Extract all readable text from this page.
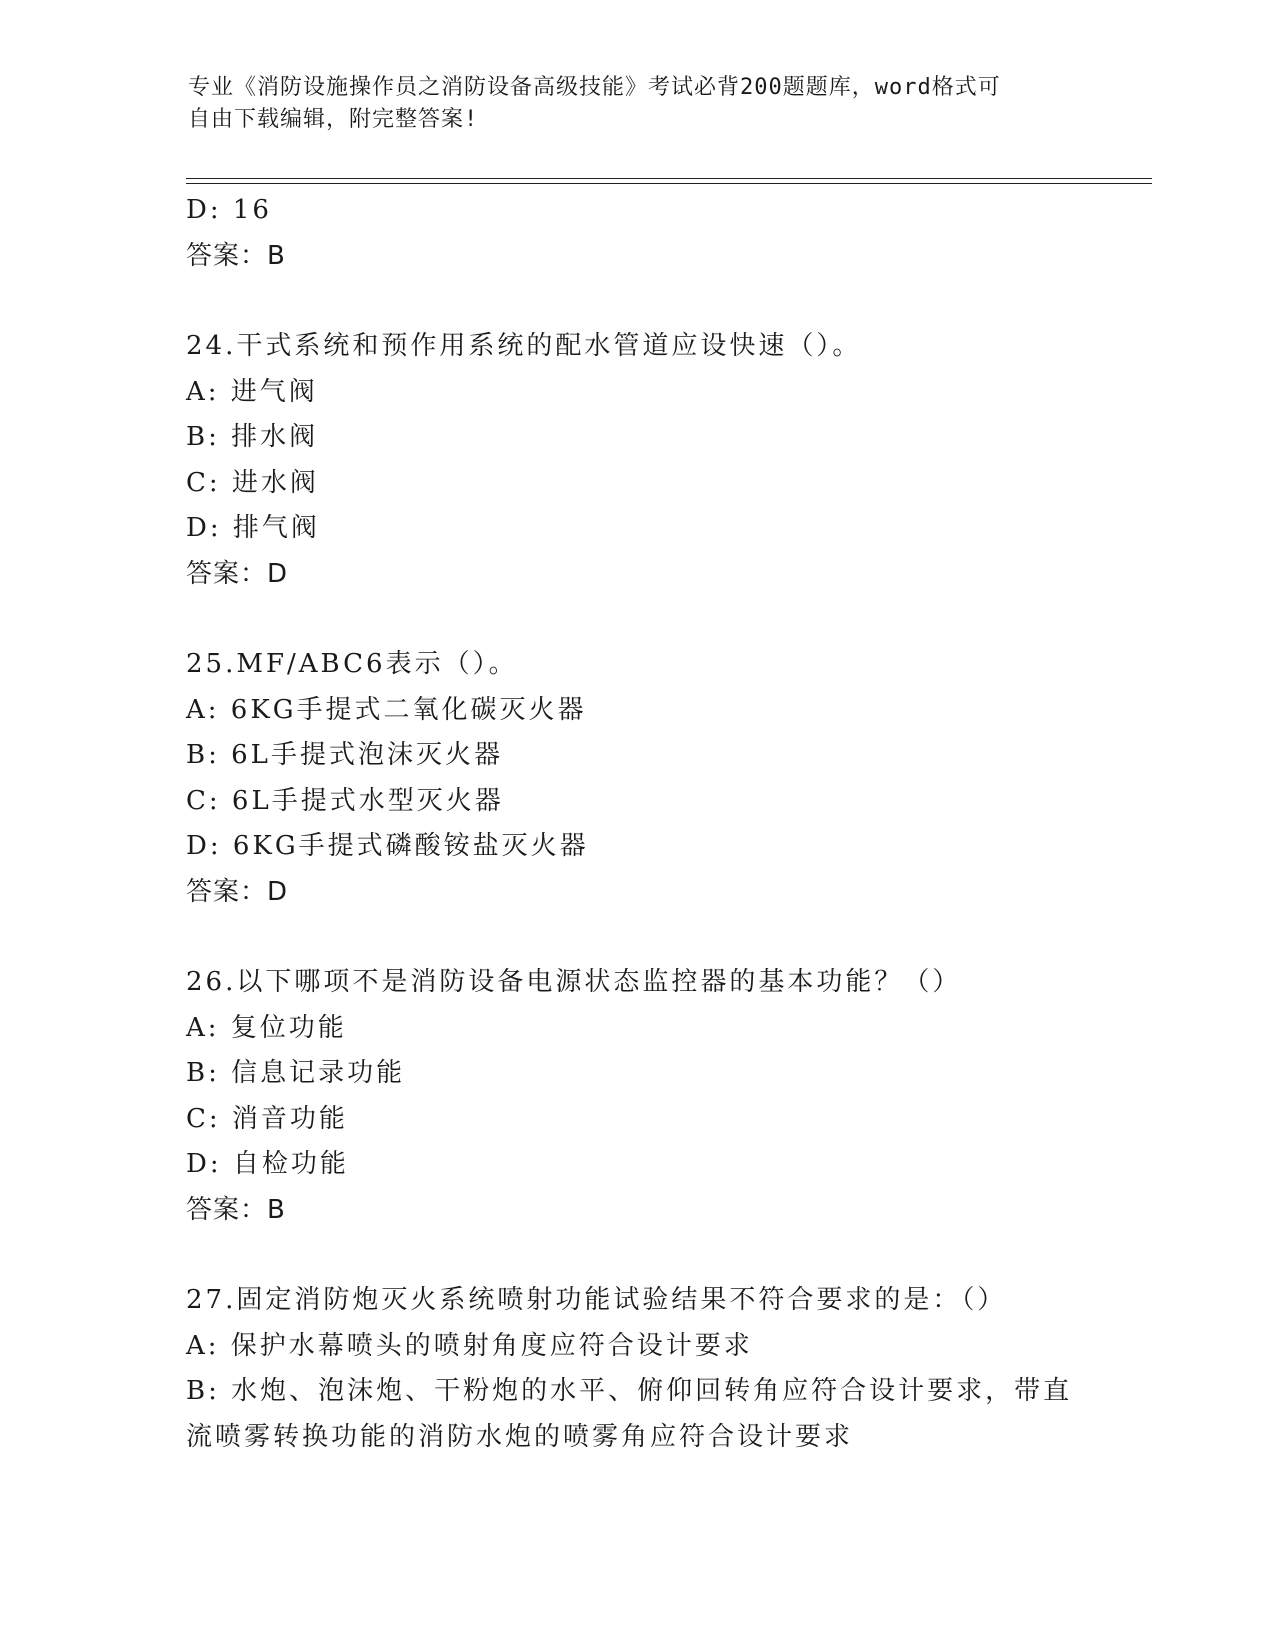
专业《消防设施操作员之消防设备高级技能》考试必背200题题库，word格式可
自由下载编辑，附完整答案!
D: 16
答案：B
24.干式系统和预作用系统的配水管道应设快速（）。
A: 进气阀
B: 排水阀
C: 进水阀
D: 排气阀
答案：D
25.MF/ABC6表示（）。
A: 6KG手提式二氧化碳灭火器
B: 6L手提式泡沫灭火器
C: 6L手提式水型灭火器
D: 6KG手提式磷酸铵盐灭火器
答案：D
26.以下哪项不是消防设备电源状态监控器的基本功能？（）
A: 复位功能
B: 信息记录功能
C: 消音功能
D: 自检功能
答案：B
27.固定消防炮灭火系统喷射功能试验结果不符合要求的是：（）
A: 保护水幕喷头的喷射角度应符合设计要求
B: 水炮、泡沫炮、干粉炮的水平、俯仰回转角应符合设计要求，带直流喷雾转换功能的消防水炮的喷雾角应符合设计要求
